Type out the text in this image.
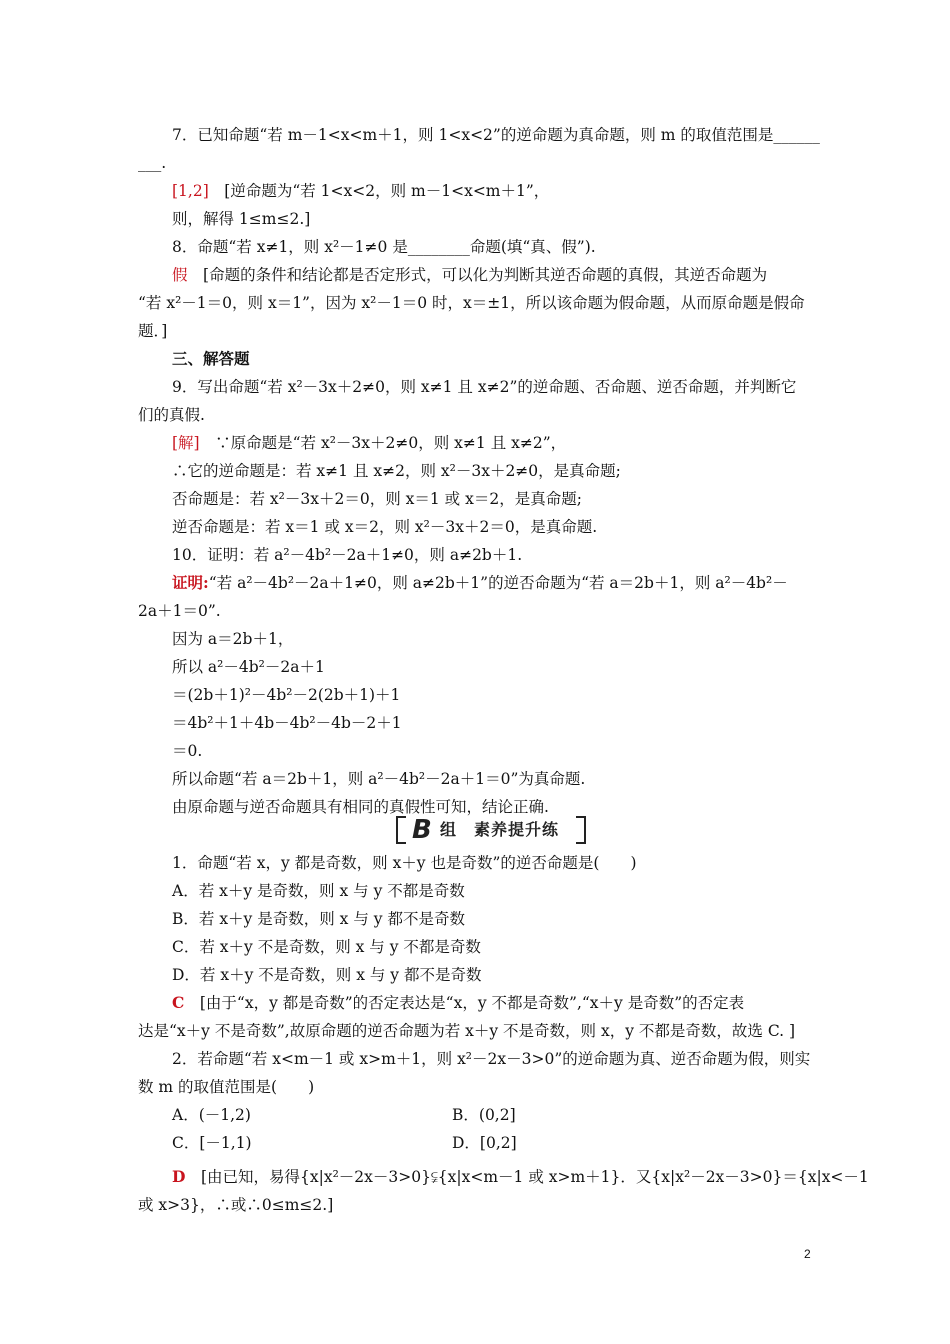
7．已知命题“若 m－1<x<m＋1，则 1<x<2”的逆命题为真命题，则 m 的取值范围是______
___.
[1,2]　 [逆命题为“若 1<x<2，则 m－1<x<m＋1”，
则，解得 1≤m≤2.]
8．命题“若 x≠1，则 x²－1≠0 是________命题(填“真、假”).
假　 [命题的条件和结论都是否定形式，可以化为判断其逆否命题的真假，其逆否命题为
“若 x²－1＝0，则 x＝1”，因为 x²－1＝0 时，x＝±1，所以该命题为假命题，从而原命题是假命
题．]
三、解答题
9．写出命题“若 x²－3x＋2≠0，则 x≠1 且 x≠2”的逆命题、否命题、逆否命题，并判断它
们的真假.
[解]　 ∵原命题是“若 x²－3x＋2≠0，则 x≠1 且 x≠2”，
∴它的逆命题是：若 x≠1 且 x≠2，则 x²－3x＋2≠0，是真命题;
否命题是：若 x²－3x＋2＝0，则 x＝1 或 x＝2，是真命题;
逆否命题是：若 x＝1 或 x＝2，则 x²－3x＋2＝0，是真命题.
10．证明：若 a²－4b²－2a＋1≠0，则 a≠2b＋1.
证明:“若 a²－4b²－2a＋1≠0，则 a≠2b＋1”的逆否命题为“若 a＝2b＋1，则 a²－4b²－
2a＋1＝0”.
因为 a＝2b＋1，
所以 a²－4b²－2a＋1
＝(2b＋1)²－4b²－2(2b＋1)＋1
＝4b²＋1＋4b－4b²－4b－2＋1
＝0.
所以命题“若 a＝2b＋1，则 a²－4b²－2a＋1＝0”为真命题.
由原命题与逆否命题具有相同的真假性可知，结论正确.
B 组　素养提升练
1．命题“若 x，y 都是奇数，则 x＋y 也是奇数”的逆否命题是(　　)
A．若 x＋y 是奇数，则 x 与 y 不都是奇数
B．若 x＋y 是奇数，则 x 与 y 都不是奇数
C．若 x＋y 不是奇数，则 x 与 y 不都是奇数
D．若 x＋y 不是奇数，则 x 与 y 都不是奇数
C　 [由于“x，y 都是奇数”的否定表达是“x，y 不都是奇数”,“x＋y 是奇数”的否定表
达是“x＋y 不是奇数”,故原命题的逆否命题为若 x＋y 不是奇数，则 x，y 不都是奇数，故选 C. ]
2．若命题“若 x<m－1 或 x>m＋1，则 x²－2x－3>0”的逆命题为真、逆否命题为假，则实
数 m 的取值范围是(　　)
A．(－1,2)	B．(0,2]
C．[－1,1)	D．[0,2]
D　 [由已知，易得{x|x²－2x－3>0}⫋{x|x<m－1 或 x>m＋1}．又{x|x²－2x－3>0}＝{x|x<－1
或 x>3}，∴或∴0≤m≤2.]
2
